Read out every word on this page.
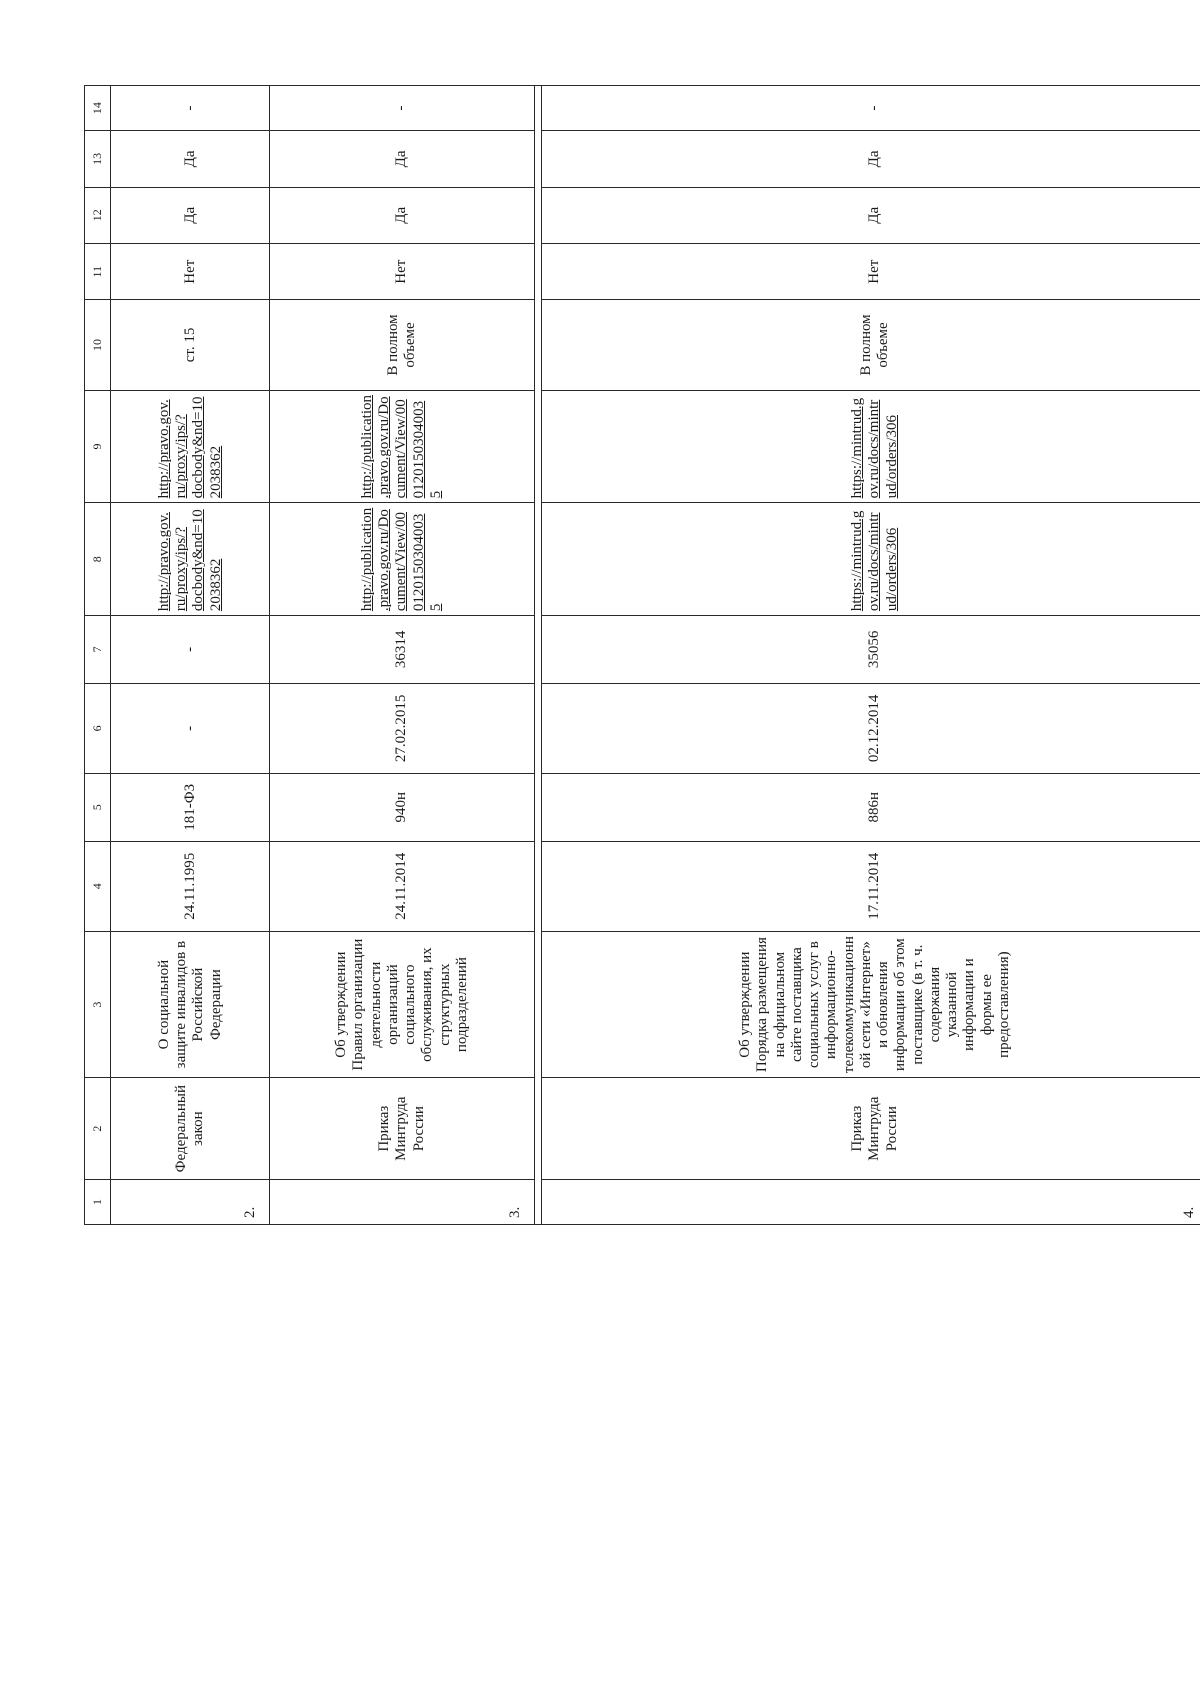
1	2	3	4	5	6	7	8	9	10	11	12	13	14
2.	Федеральный закон	О социальной защите инвалидов в Российской Федерации	24.11.1995	181-ФЗ	-	-	http://pravo.gov.ru/proxy/ips/?docbody&nd=102038362	http://pravo.gov.ru/proxy/ips/?docbody&nd=102038362	ст. 15	Нет	Да	Да	-
3.	Приказ Минтруда России	Об утверждении Правил организации деятельности организаций социального обслуживания, их структурных подразделений	24.11.2014	940н	27.02.2015	36314	http://publication.pravo.gov.ru/Document/View/0001201503040035	http://publication.pravo.gov.ru/Document/View/0001201503040035	В полном объеме	Нет	Да	Да	-

4.	Приказ Минтруда России	Об утверждении Порядка размещения на официальном сайте поставщика социальных услуг в информационно-телекоммуникационной сети «Интернет» и обновления информации об этом поставщике (в т. ч. содержания указанной информации и формы ее предоставления)	17.11.2014	886н	02.12.2014	35056	https://mintrud.gov.ru/docs/mintrud/orders/306	https://mintrud.gov.ru/docs/mintrud/orders/306	В полном объеме	Нет	Да	Да	-
